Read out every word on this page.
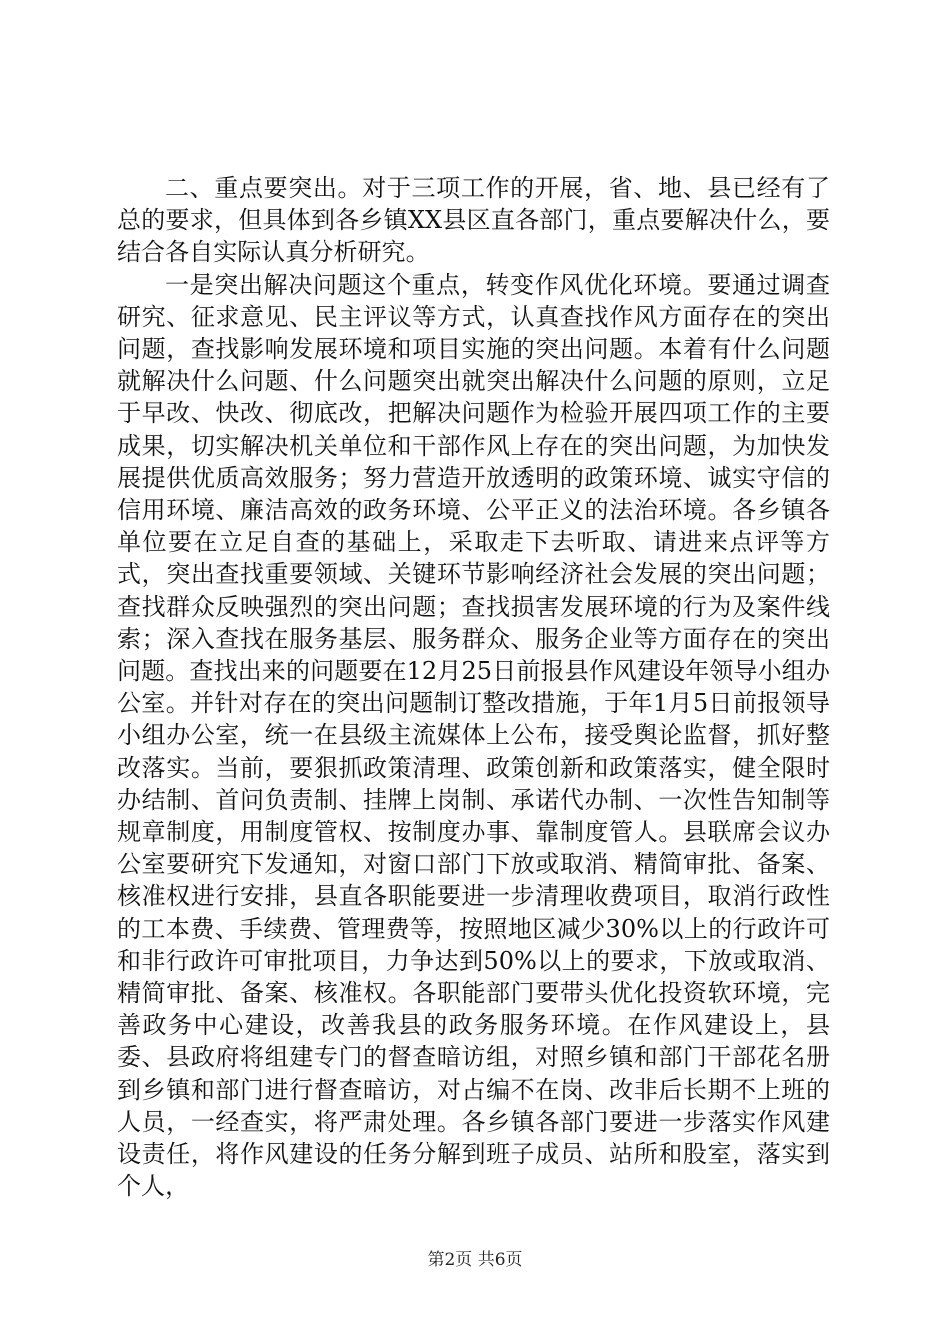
二、重点要突出。对于三项工作的开展，省、地、县已经有了总的要求，但具体到各乡镇XX县区直各部门，重点要解决什么，要结合各自实际认真分析研究。

一是突出解决问题这个重点，转变作风优化环境。要通过调查研究、征求意见、民主评议等方式，认真查找作风方面存在的突出问题，查找影响发展环境和项目实施的突出问题。本着有什么问题就解决什么问题、什么问题突出就突出解决什么问题的原则，立足于早改、快改、彻底改，把解决问题作为检验开展四项工作的主要成果，切实解决机关单位和干部作风上存在的突出问题，为加快发展提供优质高效服务；努力营造开放透明的政策环境、诚实守信的信用环境、廉洁高效的政务环境、公平正义的法治环境。各乡镇各单位要在立足自查的基础上，采取走下去听取、请进来点评等方式，突出查找重要领域、关键环节影响经济社会发展的突出问题；查找群众反映强烈的突出问题；查找损害发展环境的行为及案件线索；深入查找在服务基层、服务群众、服务企业等方面存在的突出问题。查找出来的问题要在12月25日前报县作风建设年领导小组办公室。并针对存在的突出问题制订整改措施，于年1月5日前报领导小组办公室，统一在县级主流媒体上公布，接受舆论监督，抓好整改落实。当前，要狠抓政策清理、政策创新和政策落实，健全限时办结制、首问负责制、挂牌上岗制、承诺代办制、一次性告知制等规章制度，用制度管权、按制度办事、靠制度管人。县联席会议办公室要研究下发通知，对窗口部门下放或取消、精简审批、备案、核准权进行安排，县直各职能要进一步清理收费项目，取消行政性的工本费、手续费、管理费等，按照地区减少30%以上的行政许可和非行政许可审批项目，力争达到50%以上的要求，下放或取消、精简审批、备案、核准权。各职能部门要带头优化投资软环境，完善政务中心建设，改善我县的政务服务环境。在作风建设上，县委、县政府将组建专门的督查暗访组，对照乡镇和部门干部花名册到乡镇和部门进行督查暗访，对占编不在岗、改非后长期不上班的人员，一经查实，将严肃处理。各乡镇各部门要进一步落实作风建设责任，将作风建设的任务分解到班子成员、站所和股室，落实到个人，

第2页 共6页
